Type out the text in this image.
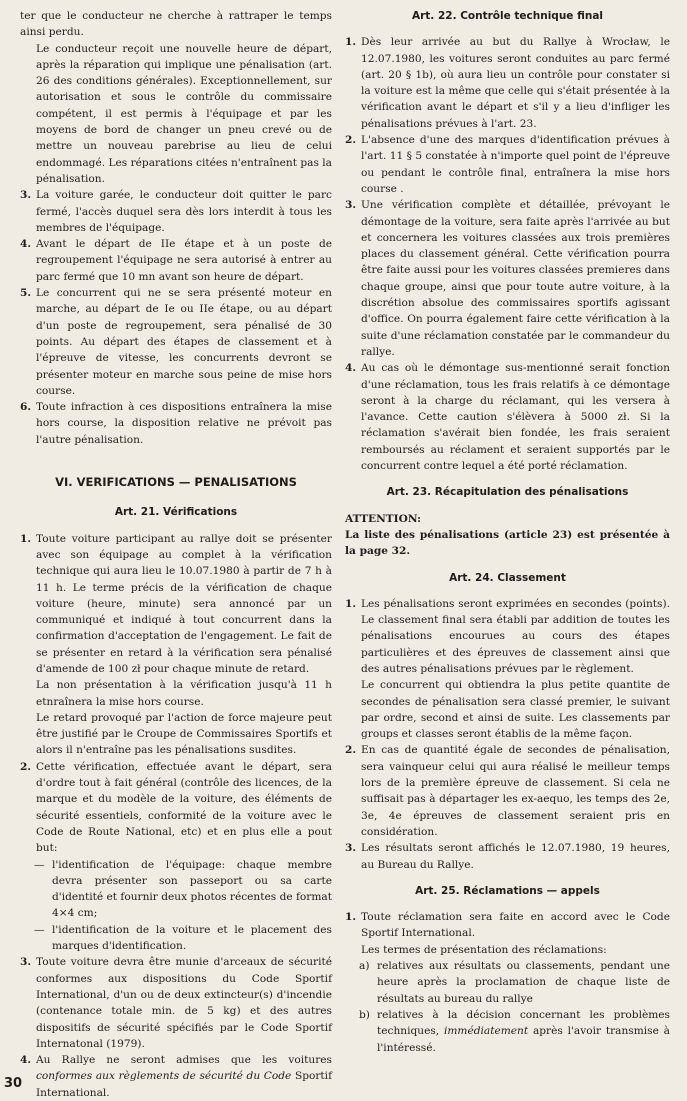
ter que le conducteur ne cherche à rattraper le temps ainsi perdu.

Le conducteur reçoit une nouvelle heure de départ, après la réparation qui implique une pénalisation (art. 26 des conditions générales). Exceptionnellement, sur autorisation et sous le contrôle du commissaire compétent, il est permis à l'équipage et par les moyens de bord de changer un pneu crevé ou de mettre un nouveau parebrise au lieu de celui endommagé. Les réparations citées n'entraînent pas la pénalisation.

3. La voiture garée, le conducteur doit quitter le parc fermé, l'accès duquel sera dès lors interdit à tous les membres de l'équipage.
4. Avant le départ de IIe étape et à un poste de regroupement l'équipage ne sera autorisé à entrer au parc fermé que 10 mn avant son heure de départ.
5. Le concurrent qui ne se sera présenté moteur en marche, au départ de Ie ou IIe étape, ou au départ d'un poste de regroupement, sera pénalisé de 30 points. Au départ des étapes de classement et à l'épreuve de vitesse, les concurrents devront se présenter moteur en marche sous peine de mise hors course.
6. Toute infraction à ces dispositions entraînera la mise hors course, la disposition relative ne prévoit pas l'autre pénalisation.
VI. VERIFICATIONS — PENALISATIONS
Art. 21. Vérifications
1. Toute voiture participant au rallye doit se présenter avec son équipage au complet à la vérification technique qui aura lieu le 10.07.1980 à partir de 7 h à 11 h. Le terme précis de la vérification de chaque voiture (heure, minute) sera annoncé par un communiqué et indiqué à tout concurrent dans la confirmation d'acceptation de l'engagement. Le fait de se présenter en retard à la vérification sera pénalisé d'amende de 100 zł pour chaque minute de retard.

La non présentation à la vérification jusqu'à 11 h etnraînera la mise hors course.

Le retard provoqué par l'action de force majeure peut être justifié par le Croupe de Commissaires Sportifs et alors il n'entraîne pas les pénalisations susdites.

2. Cette vérification, effectuée avant le départ, sera d'ordre tout à fait général (contrôle des licences, de la marque et du modèle de la voiture, des éléments de sécurité essentiels, conformité de la voiture avec le Code de Route National, etc) et en plus elle a pout but:

— l'identification de l'équipage: chaque membre devra présenter son passeport ou sa carte d'identité et fournir deux photos récentes de format 4×4 cm;
— l'identification de la voiture et le placement des marques d'identification.
3. Toute voiture devra être munie d'arceaux de sécurité conformes aux dispositions du Code Sportif International, d'un ou de deux extincteur(s) d'incendie (contenance totale min. de 5 kg) et des autres dispositifs de sécurité spécifiés par le Code Sportif Internatonal (1979).
4. Au Rallye ne seront admises que les voitures conformes aux règlements de sécurité du Code Sportif International.
Art. 22. Contrôle technique final
1. Dès leur arrivée au but du Rallye à Wrocław, le 12.07.1980, les voitures seront conduites au parc fermé (art. 20 § 1b), où aura lieu un contrôle pour constater si la voiture est la même que celle qui s'était présentée à la vérification avant le départ et s'il y a lieu d'infliger les pénalisations prévues à l'art. 23.
2. L'absence d'une des marques d'identification prévues à l'art. 11 § 5 constatée à n'importe quel point de l'épreuve ou pendant le contrôle final, entraînera la mise hors course .
3. Une vérification complète et détaillée, prévoyant le démontage de la voiture, sera faite après l'arrivée au but et concernera les voitures classées aux trois premières places du classement général. Cette vérification pourra être faite aussi pour les voitures classées premieres dans chaque groupe, ainsi que pour toute autre voiture, à la discrétion absolue des commissaires sportifs agissant d'office. On pourra également faire cette vérification à la suite d'une réclamation constatée par le commandeur du rallye.
4. Au cas où le démontage sus-mentionné serait fonction d'une réclamation, tous les frais relatifs à ce démontage seront à la charge du réclamant, qui les versera à l'avance. Cette caution s'élèvera à 5000 zł. Si la réclamation s'avérait bien fondée, les frais seraient remboursés au réclament et seraient supportés par le concurrent contre lequel a été porté réclamation.
Art. 23. Récapitulation des pénalisations

ATTENTION:

La liste des pénalisations (article 23) est présentée à la page 32.

Art. 24. Classement
1. Les pénalisations seront exprimées en secondes (points). Le classement final sera établi par addition de toutes les pénalisations encourues au cours des étapes particulières et des épreuves de classement ainsi que des autres pénalisations prévues par le règlement.

Le concurrent qui obtiendra la plus petite quantite de secondes de pénalisation sera classé premier, le suivant par ordre, second et ainsi de suite. Les classements par groups et classes seront établis de la même façon.

2. En cas de quantité égale de secondes de pénalisation, sera vainqueur celui qui aura réalisé le meilleur temps lors de la première épreuve de classement. Si cela ne suffisait pas à départager les ex-aequo, les temps des 2e, 3e, 4e épreuves de classement seraient pris en considération.
3. Les résultats seront affichés le 12.07.1980, 19 heures, au Bureau du Rallye.
Art. 25. Réclamations — appels
1. Toute réclamation sera faite en accord avec le Code Sportif International.

Les termes de présentation des réclamations:

a) relatives aux résultats ou classements, pendant une heure après la proclamation de chaque liste de résultats au bureau du rallye
b) relatives à la décision concernant les problèmes techniques, immédiatement après l'avoir transmise à l'intéressé.
30
